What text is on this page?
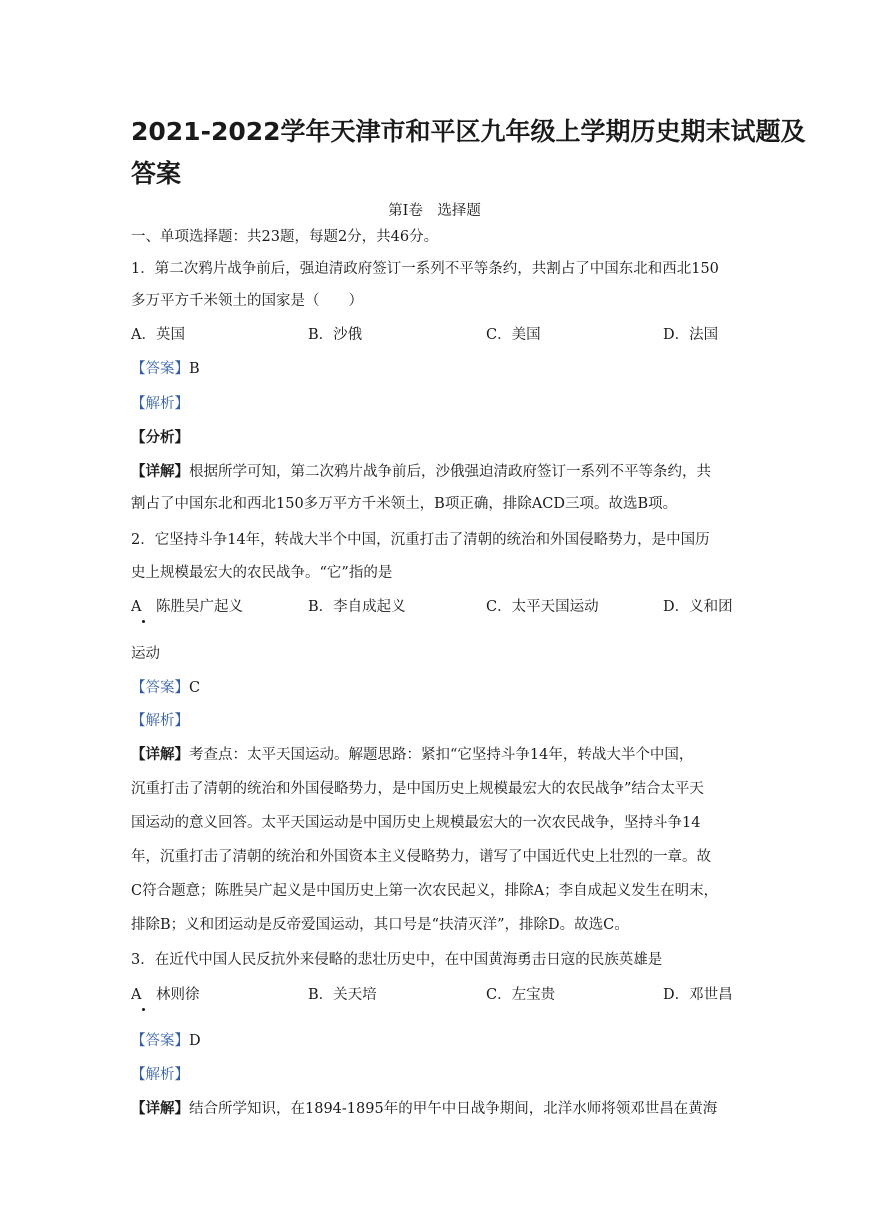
2021-2022学年天津市和平区九年级上学期历史期末试题及
答案
第Ⅰ卷　选择题
一、单项选择题：共23题，每题2分，共46分。
1．第二次鸦片战争前后，强迫清政府签订一系列不平等条约，共割占了中国东北和西北150
多万平方千米领土的国家是（　　）
A．英国	B．沙俄	C．美国	D．法国
【答案】B
【解析】
【分析】
【详解】根据所学可知，第二次鸦片战争前后，沙俄强迫清政府签订一系列不平等条约，共
割占了中国东北和西北150多万平方千米领土，B项正确，排除ACD三项。故选B项。
2．它坚持斗争14年，转战大半个中国，沉重打击了清朝的统治和外国侵略势力，是中国历
史上规模最宏大的农民战争。“它”指的是
A　陈胜吴广起义	B．李自成起义	C．太平天国运动	D．义和团
运动
【答案】C
【解析】
【详解】考查点：太平天国运动。解题思路：紧扣“它坚持斗争14年，转战大半个中国，
沉重打击了清朝的统治和外国侵略势力，是中国历史上规模最宏大的农民战争”结合太平天
国运动的意义回答。太平天国运动是中国历史上规模最宏大的一次农民战争，坚持斗争14
年，沉重打击了清朝的统治和外国资本主义侵略势力，谱写了中国近代史上壮烈的一章。故
C符合题意；陈胜吴广起义是中国历史上第一次农民起义，排除A；李自成起义发生在明末，
排除B；义和团运动是反帝爱国运动，其口号是“扶清灭洋”，排除D。故选C。
3．在近代中国人民反抗外来侵略的悲壮历史中，在中国黄海勇击日寇的民族英雄是
A　林则徐	B．关天培	C．左宝贵	D．邓世昌
【答案】D
【解析】
【详解】结合所学知识，在1894-1895年的甲午中日战争期间，北洋水师将领邓世昌在黄海
